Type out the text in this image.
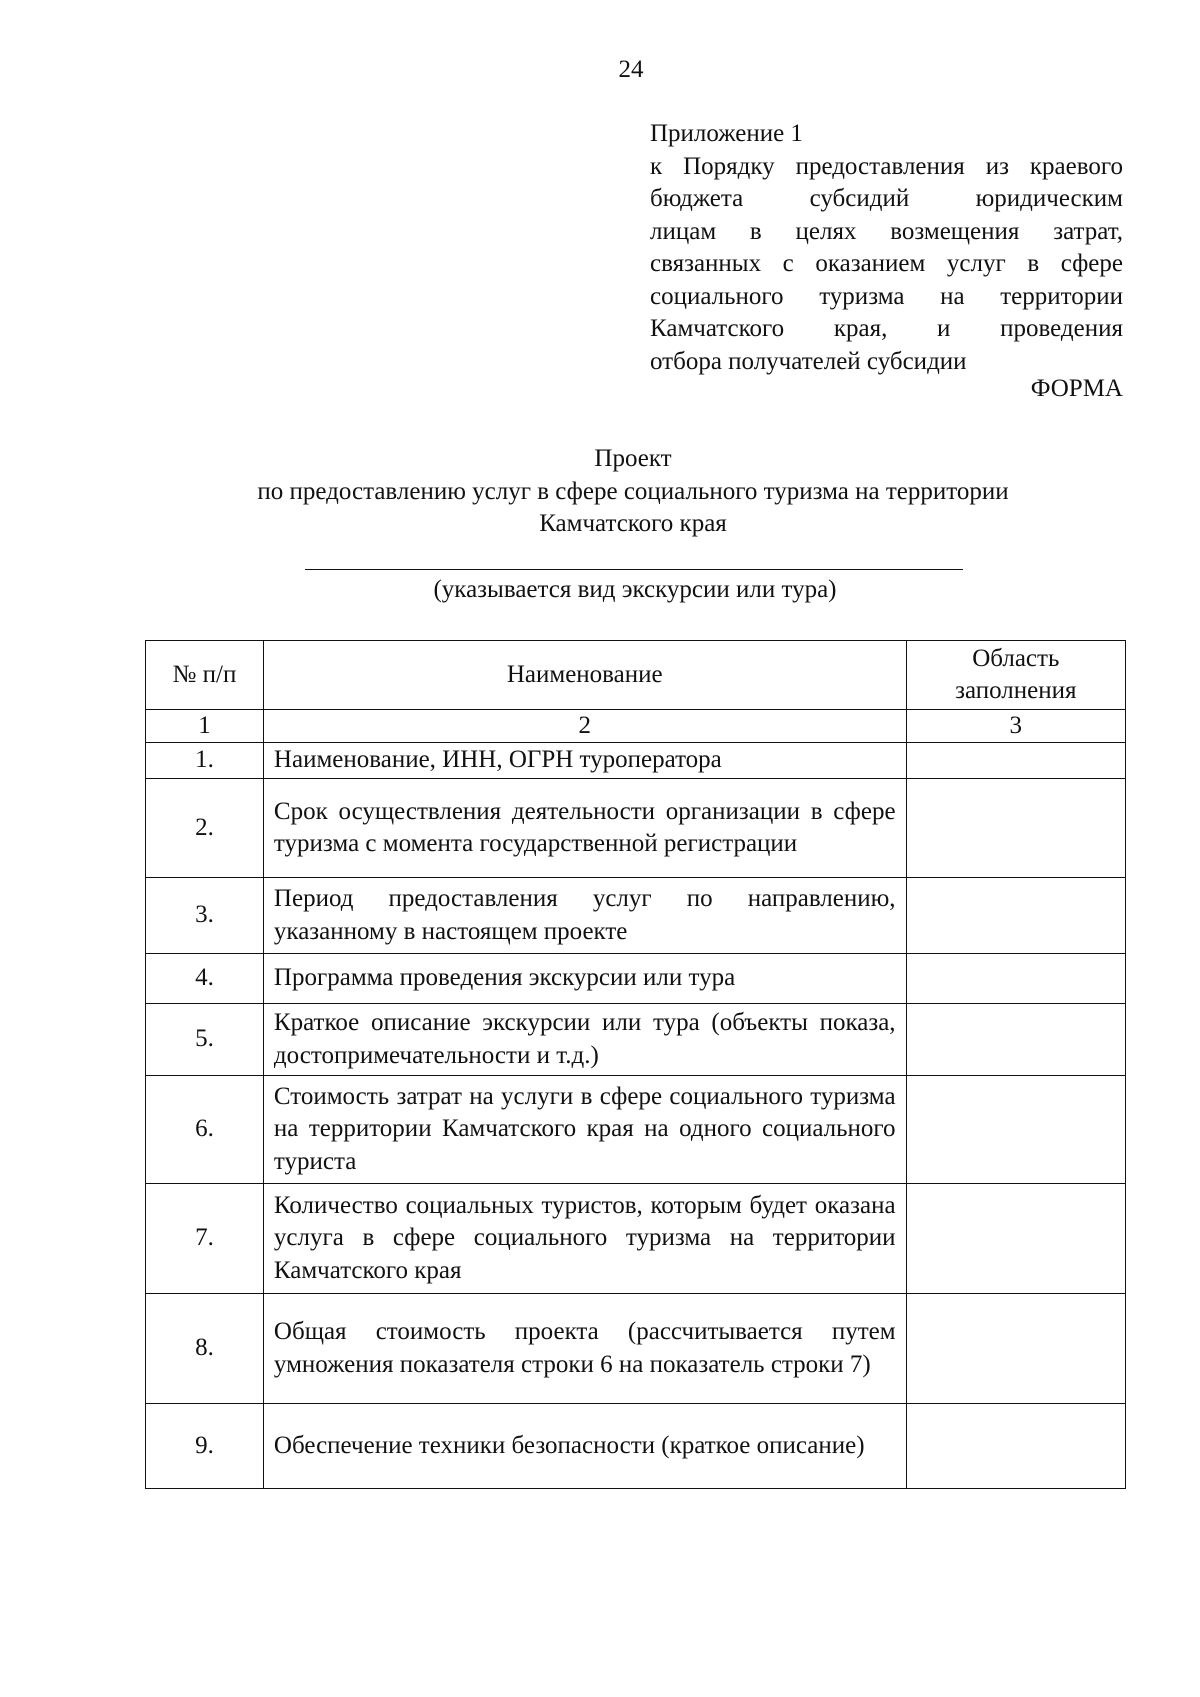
24
Приложение 1
к Порядку предоставления из краевого
бюджета субсидий юридическим
лицам в целях возмещения затрат,
связанных с оказанием услуг в сфере
социального туризма на территории
Камчатского края, и проведения
отбора получателей субсидии
ФОРМА
Проект
по предоставлению услуг в сфере социального туризма на территории
Камчатского края
(указывается вид экскурсии или тура)
№ п/п	Наименование	Область заполнения
1	2	3
1.	Наименование, ИНН, ОГРН туроператора	
2.	Срок осуществления деятельности организации в сфере туризма с момента государственной регистрации	
3.	Период предоставления услуг по направлению, указанному в настоящем проекте	
4.	Программа проведения экскурсии или тура	
5.	Краткое описание экскурсии или тура (объекты показа, достопримечательности и т.д.)	
6.	Стоимость затрат на услуги в сфере социального туризма на территории Камчатского края на одного социального туриста	
7.	Количество социальных туристов, которым будет оказана услуга в сфере социального туризма на территории Камчатского края	
8.	Общая стоимость проекта (рассчитывается путем умножения показателя строки 6 на показатель строки 7)	
9.	Обеспечение техники безопасности (краткое описание)	
